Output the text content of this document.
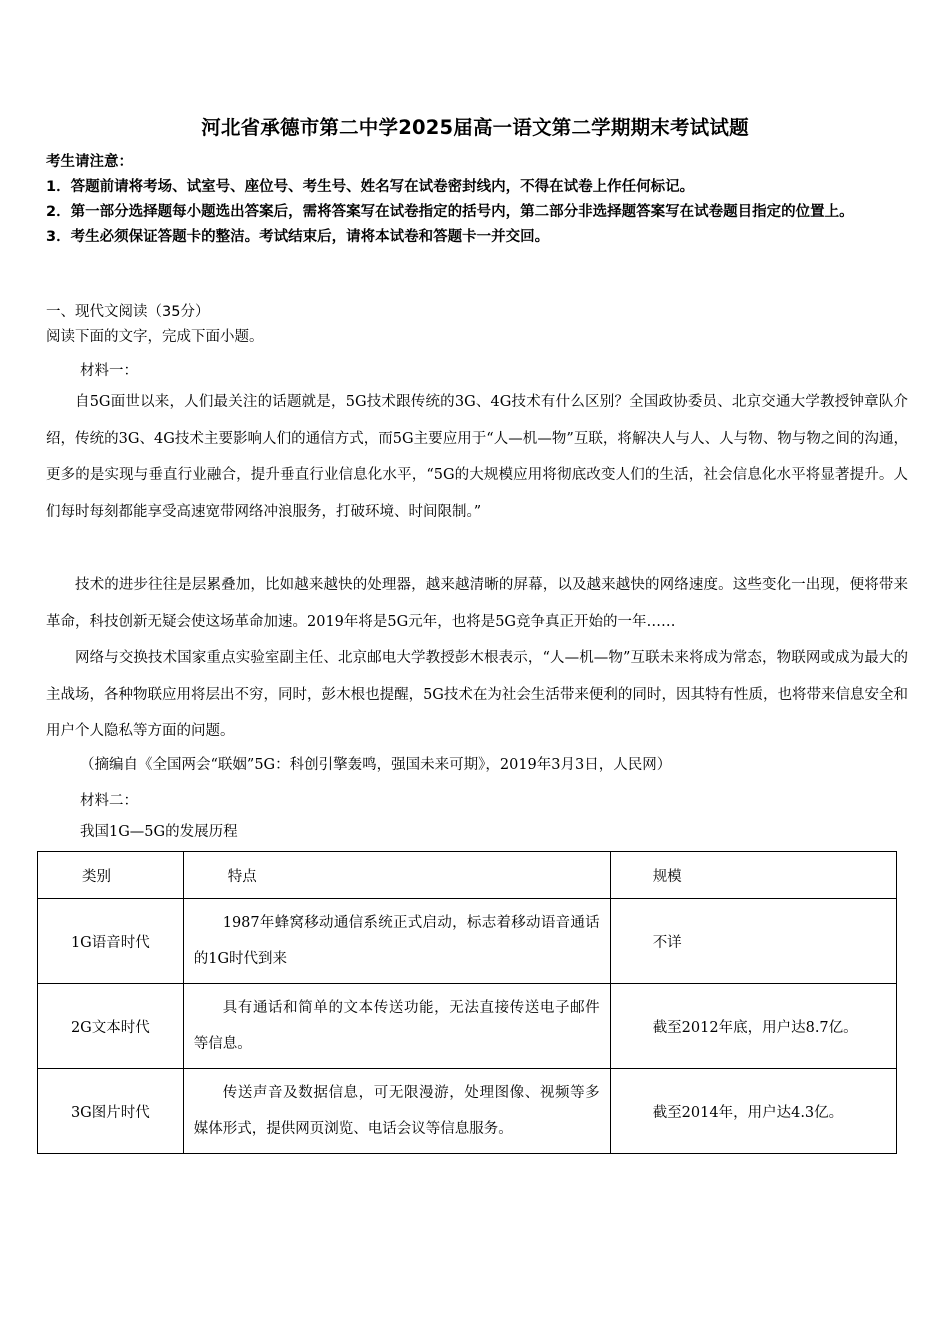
河北省承德市第二中学2025届高一语文第二学期期末考试试题

考生请注意：

1．答题前请将考场、试室号、座位号、考生号、姓名写在试卷密封线内，不得在试卷上作任何标记。

2．第一部分选择题每小题选出答案后，需将答案写在试卷指定的括号内，第二部分非选择题答案写在试卷题目指定的位置上。

3．考生必须保证答题卡的整洁。考试结束后，请将本试卷和答题卡一并交回。

一、现代文阅读（35分）
阅读下面的文字，完成下面小题。
材料一：

自5G面世以来，人们最关注的话题就是，5G技术跟传统的3G、4G技术有什么区别？全国政协委员、北京交通大学教授钟章队介绍，传统的3G、4G技术主要影响人们的通信方式，而5G主要应用于“人—机—物”互联，将解决人与人、人与物、物与物之间的沟通，更多的是实现与垂直行业融合，提升垂直行业信息化水平，“5G的大规模应用将彻底改变人们的生活，社会信息化水平将显著提升。人们每时每刻都能享受高速宽带网络冲浪服务，打破环境、时间限制。”

技术的进步往往是层累叠加，比如越来越快的处理器，越来越清晰的屏幕，以及越来越快的网络速度。这些变化一出现，便将带来革命，科技创新无疑会使这场革命加速。2019年将是5G元年，也将是5G竞争真正开始的一年……

网络与交换技术国家重点实验室副主任、北京邮电大学教授彭木根表示，“人—机—物”互联未来将成为常态，物联网或成为最大的主战场，各种物联应用将层出不穷，同时，彭木根也提醒，5G技术在为社会生活带来便利的同时，因其特有性质，也将带来信息安全和用户个人隐私等方面的问题。

（摘编自《全国两会“联姻”5G：科创引擎轰鸣，强国未来可期》，2019年3月3日，人民网）
材料二：
我国1G—5G的发展历程
类别	特点	规模
1G语音时代	1987年蜂窝移动通信系统正式启动，标志着移动语音通话的1G时代到来	不详
2G文本时代	具有通话和简单的文本传送功能，无法直接传送电子邮件等信息。	截至2012年底，用户达8.7亿。
3G图片时代	传送声音及数据信息，可无限漫游，处理图像、视频等多媒体形式，提供网页浏览、电话会议等信息服务。	截至2014年，用户达4.3亿。
